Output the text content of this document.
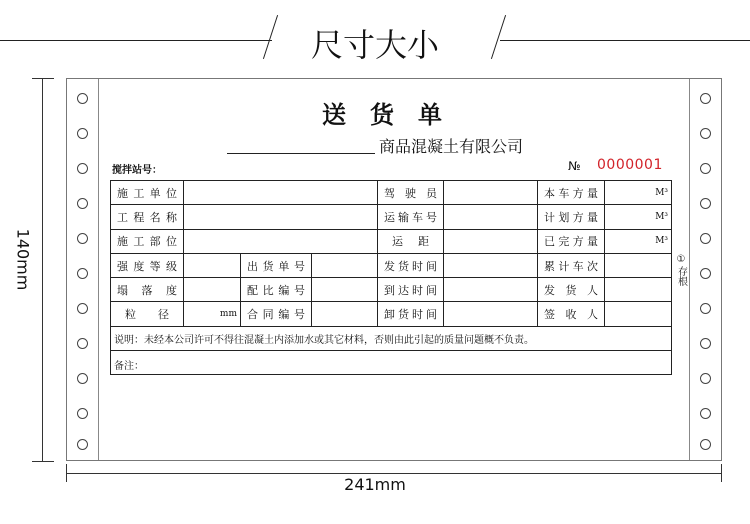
尺寸大小
140mm
送货单
商品混凝土有限公司
搅拌站号：	№ 0000001
施工单位				驾驶员		本车方量	M³
工程名称				运输车号		计划方量	M³
施工部位				运距		已完方量	M³
强度等级		出货单号		发货时间		累计车次	
塌落度		配比编号		到达时间		发货人	
粒径	mm	合同编号		卸货时间		签收人	
说明：未经本公司许可不得往混凝土内添加水或其它材料，否则由此引起的质量问题概不负责。							
备注：							
①
存根
241mm
